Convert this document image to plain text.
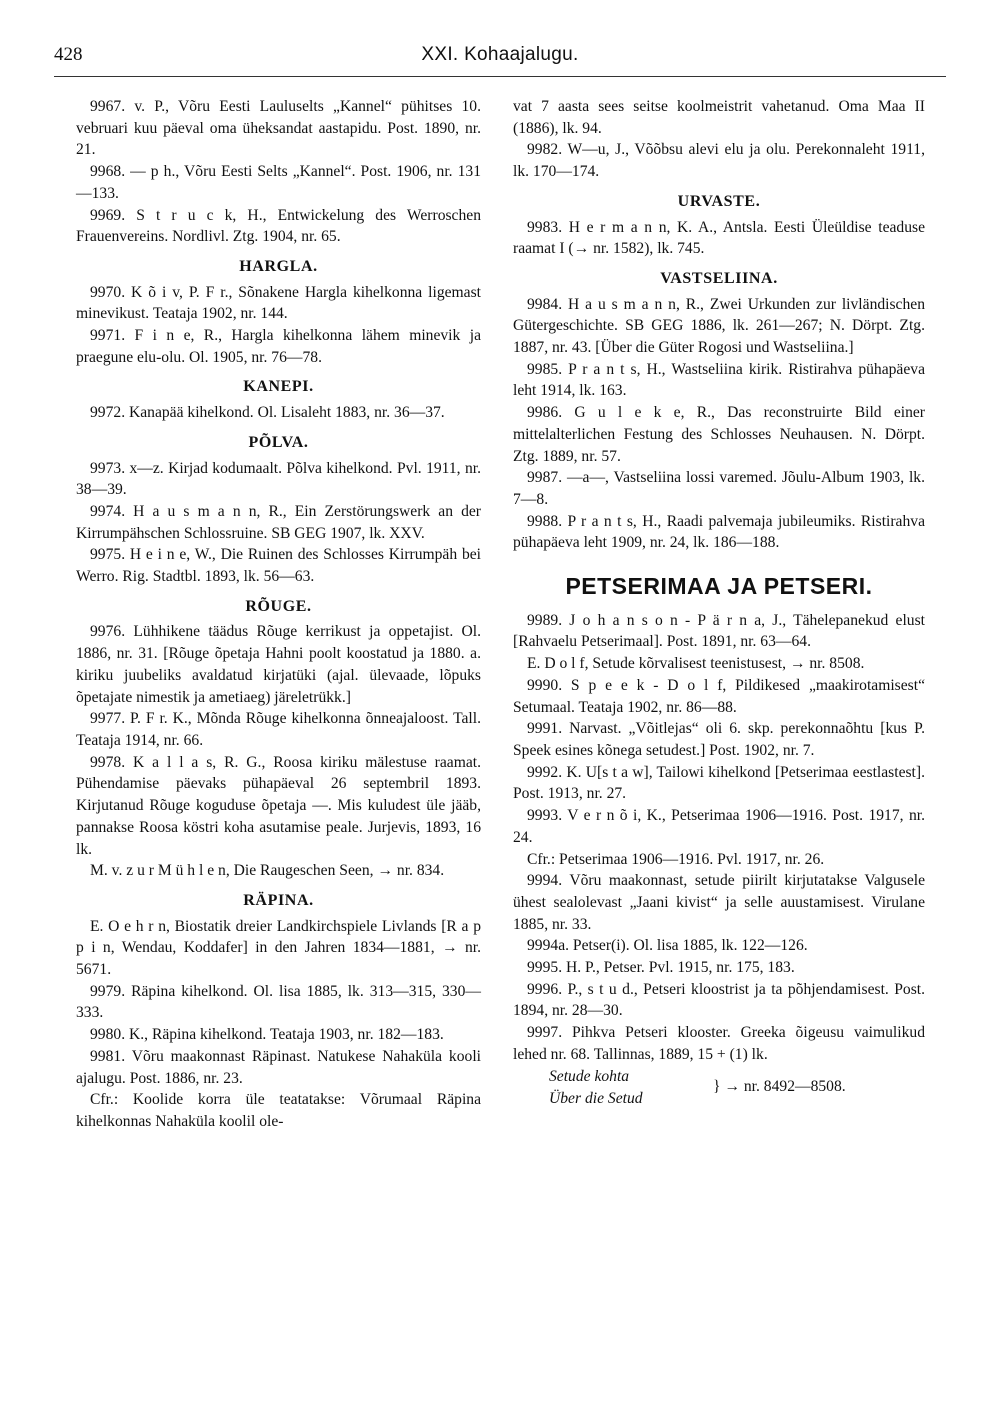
428	XXI. Kohaajalugu.
9967. v. P., Võru Eesti Lauluselts „Kannel“ pühitses 10. vebruari kuu päeval oma üheksandat aastapidu. Post. 1890, nr. 21.
9968. — p h., Võru Eesti Selts „Kannel“. Post. 1906, nr. 131—133.
9969. S t r u c k, H., Entwickelung des Werroschen Frauenvereins. Nordlivl. Ztg. 1904, nr. 65.
HARGLA.
9970. K õ i v, P. F r., Sõnakene Hargla kihelkonna ligemast minevikust. Teataja 1902, nr. 144.
9971. F i n e, R., Hargla kihelkonna lähem minevik ja praegune elu-olu. Ol. 1905, nr. 76—78.
KANEPI.
9972. Kanapää kihelkond. Ol. Lisaleht 1883, nr. 36—37.
PÕLVA.
9973. x—z. Kirjad kodumaalt. Põlva kihelkond. Pvl. 1911, nr. 38—39.
9974. H a u s m a n n, R., Ein Zerstörungswerk an der Kirrumpähschen Schlossruine. SB GEG 1907, lk. XXV.
9975. H e i n e, W., Die Ruinen des Schlosses Kirrumpäh bei Werro. Rig. Stadtbl. 1893, lk. 56—63.
RÕUGE.
9976. Lühhikene täädus Rõuge kerrikust ja oppetajist. Ol. 1886, nr. 31. [Rõuge õpetaja Hahni poolt koostatud ja 1880. a. kiriku juubeliks avaldatud kirjatüki (ajal. ülevaade, lõpuks õpetajate nimestik ja ametiaeg) järeletrükk.]
9977. P. F r. K., Mõnda Rõuge kihelkonna õnneajaloost. Tall. Teataja 1914, nr. 66.
9978. K a l l a s, R. G., Roosa kiriku mälestuse raamat. Pühendamise päevaks pühapäeval 26 septembril 1893. Kirjutanud Rõuge koguduse õpetaja —. Mis kuludest üle jääb, pannakse Roosa köstri koha asutamise peale. Jurjevis, 1893, 16 lk.
M. v. z u r M ü h l e n, Die Raugeschen Seen, → nr. 834.
RÄPINA.
E. O e h r n, Biostatik dreier Landkirchspiele Livlands [R a p p i n, Wendau, Koddafer] in den Jahren 1834—1881, → nr. 5671.
9979. Räpina kihelkond. Ol. lisa 1885, lk. 313—315, 330—333.
9980. K., Räpina kihelkond. Teataja 1903, nr. 182—183.
9981. Võru maakonnast Räpinast. Natukese Nahaküla kooli ajalugu. Post. 1886, nr. 23.
Cfr.: Koolide korra üle teatatakse: Võrumaal Räpina kihelkonnas Nahaküla koolil ole-
vat 7 aasta sees seitse koolmeistrit vahetanud. Oma Maa II (1886), lk. 94.
9982. W—u, J., Võõbsu alevi elu ja olu. Perekonnaleht 1911, lk. 170—174.
URVASTE.
9983. H e r m a n n, K. A., Antsla. Eesti Üleüldise teaduse raamat I (→ nr. 1582), lk. 745.
VASTSELIINA.
9984. H a u s m a n n, R., Zwei Urkunden zur livländischen Gütergeschichte. SB GEG 1886, lk. 261—267; N. Dörpt. Ztg. 1887, nr. 43. [Über die Güter Rogosi und Wastseliina.]
9985. P r a n t s, H., Wastseliina kirik. Ristirahva pühapäeva leht 1914, lk. 163.
9986. G u l e k e, R., Das reconstruirte Bild einer mittelalterlichen Festung des Schlosses Neuhausen. N. Dörpt. Ztg. 1889, nr. 57.
9987. —a—, Vastseliina lossi varemed. Jõulu-Album 1903, lk. 7—8.
9988. P r a n t s, H., Raadi palvemaja jubileumiks. Ristirahva pühapäeva leht 1909, nr. 24, lk. 186—188.
PETSERIMAA JA PETSERI.
9989. J o h a n s o n - P ä r n a, J., Tähelepanekud elust [Rahvaelu Petserimaal]. Post. 1891, nr. 63—64.
E. D o l f, Setude kõrvalisest teenistusest, → nr. 8508.
9990. S p e e k - D o l f, Pildikesed „maakirotamisest“ Setumaal. Teataja 1902, nr. 86—88.
9991. Narvast. „Võitlejas“ oli 6. skp. perekonnaõhtu [kus P. Speek esines kõnega setudest.] Post. 1902, nr. 7.
9992. K. U[s t a w], Tailowi kihelkond [Petserimaa eestlastest]. Post. 1913, nr. 27.
9993. V e r n õ i, K., Petserimaa 1906—1916. Post. 1917, nr. 24.
Cfr.: Petserimaa 1906—1916. Pvl. 1917, nr. 26.
9994. Võru maakonnast, setude piirilt kirjutatakse Valgusele ühest sealolevast „Jaani kivist“ ja selle auustamisest. Virulane 1885, nr. 33.
9994a. Petser(i). Ol. lisa 1885, lk. 122—126.
9995. H. P., Petser. Pvl. 1915, nr. 175, 183.
9996. P., s t u d., Petseri kloostrist ja ta põhjendamisest. Post. 1894, nr. 28—30.
9997. Pihkva Petseri klooster. Greeka õigeusu vaimulikud lehed nr. 68. Tallinnas, 1889, 15 + (1) lk.
Setude kohta
Über die Setud
} → nr. 8492—8508.
